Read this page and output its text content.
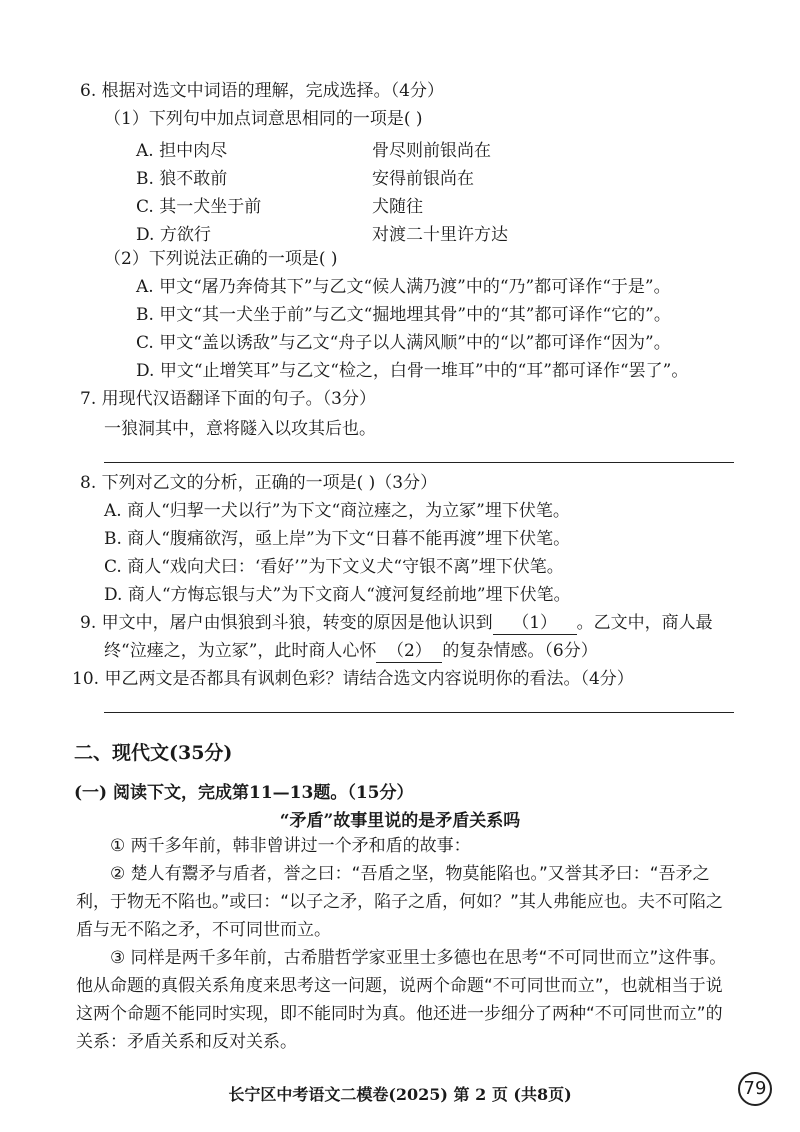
6. 根据对选文中词语的理解，完成选择。（4分）
（1）下列句中加点词意思相同的一项是( )
A. 担中肉尽	骨尽则前银尚在
B. 狼不敢前	安得前银尚在
C. 其一犬坐于前	犬随往
D. 方欲行	对渡二十里许方达
（2）下列说法正确的一项是( )
A. 甲文“屠乃奔倚其下”与乙文“候人满乃渡”中的“乃”都可译作“于是”。
B. 甲文“其一犬坐于前”与乙文“掘地埋其骨”中的“其”都可译作“它的”。
C. 甲文“盖以诱敌”与乙文“舟子以人满风顺”中的“以”都可译作“因为”。
D. 甲文“止增笑耳”与乙文“检之，白骨一堆耳”中的“耳”都可译作“罢了”。
7. 用现代汉语翻译下面的句子。（3分）
一狼洞其中，意将隧入以攻其后也。
8. 下列对乙文的分析，正确的一项是( )（3分）
A. 商人“归挈一犬以行”为下文“商泣瘗之，为立冢”埋下伏笔。
B. 商人“腹痛欲泻，亟上岸”为下文“日暮不能再渡”埋下伏笔。
C. 商人“戏向犬曰：‘看好’”为下文义犬“守银不离”埋下伏笔。
D. 商人“方悔忘银与犬”为下文商人“渡河复经前地”埋下伏笔。
9. 甲文中，屠户由惧狼到斗狼，转变的原因是他认识到 （1） 。乙文中，商人最
终“泣瘗之，为立冢”，此时商人心怀 （2） 的复杂情感。（6分）
10. 甲乙两文是否都具有讽刺色彩？请结合选文内容说明你的看法。（4分）
二、现代文(35分)
(一) 阅读下文，完成第11—13题。（15分）
“矛盾”故事里说的是矛盾关系吗
① 两千多年前，韩非曾讲过一个矛和盾的故事：
② 楚人有鬻矛与盾者，誉之曰：“吾盾之坚，物莫能陷也。”又誉其矛曰：“吾矛之利，于物无不陷也。”或曰：“以子之矛，陷子之盾，何如？”其人弗能应也。夫不可陷之盾与无不陷之矛，不可同世而立。
③ 同样是两千多年前，古希腊哲学家亚里士多德也在思考“不可同世而立”这件事。他从命题的真假关系角度来思考这一问题，说两个命题“不可同世而立”，也就相当于说这两个命题不能同时实现，即不能同时为真。他还进一步细分了两种“不可同世而立”的关系：矛盾关系和反对关系。
长宁区中考语文二模卷(2025) 第 2 页 (共8页)	79
